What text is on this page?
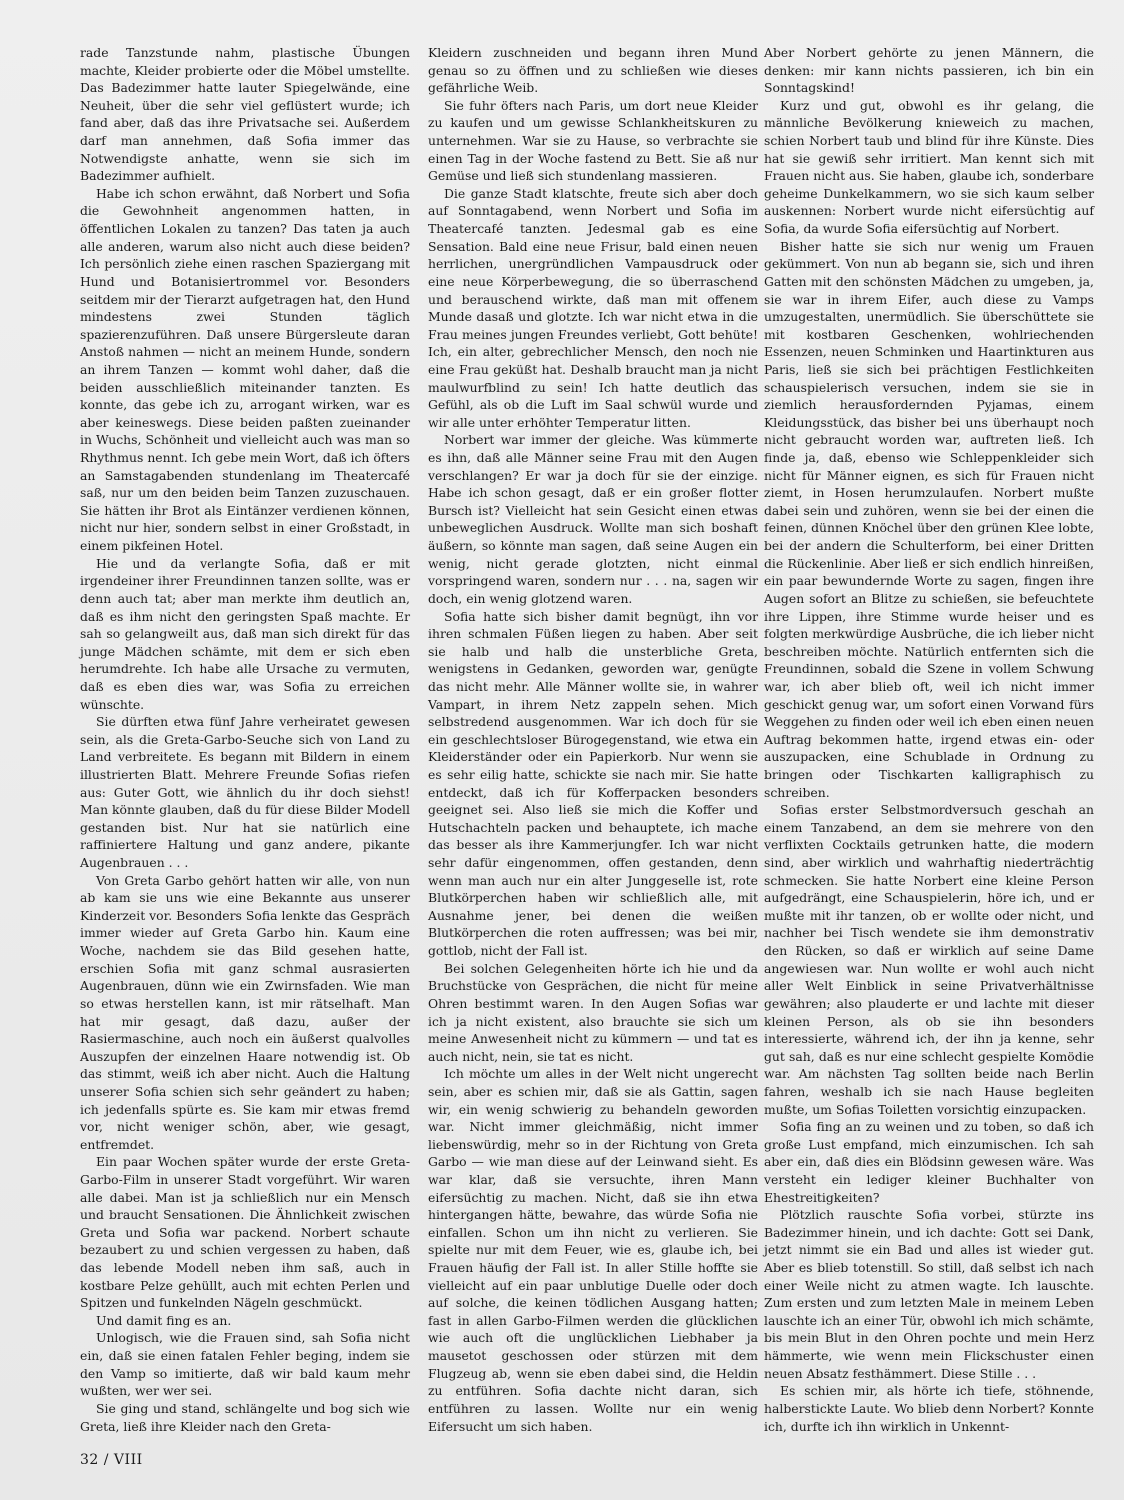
rade Tanzstunde nahm, plastische Übungen machte, Kleider probierte oder die Möbel umstellte. Das Badezimmer hatte lauter Spiegelwände, eine Neuheit, über die sehr viel geflüstert wurde; ich fand aber, daß das ihre Privatsache sei. Außerdem darf man annehmen, daß Sofia immer das Notwendigste anhatte, wenn sie sich im Badezimmer aufhielt.

Habe ich schon erwähnt, daß Norbert und Sofia die Gewohnheit angenommen hatten, in öffentlichen Lokalen zu tanzen? Das taten ja auch alle anderen, warum also nicht auch diese beiden? Ich persönlich ziehe einen raschen Spaziergang mit Hund und Botanisiertrommel vor. Besonders seitdem mir der Tierarzt aufgetragen hat, den Hund mindestens zwei Stunden täglich spazierenzuführen. Daß unsere Bürgersleute daran Anstoß nahmen — nicht an meinem Hunde, sondern an ihrem Tanzen — kommt wohl daher, daß die beiden ausschließlich miteinander tanzten. Es konnte, das gebe ich zu, arrogant wirken, war es aber keineswegs. Diese beiden paßten zueinander in Wuchs, Schönheit und vielleicht auch was man so Rhythmus nennt. Ich gebe mein Wort, daß ich öfters an Samstagabenden stundenlang im Theatercafé saß, nur um den beiden beim Tanzen zuzuschauen. Sie hätten ihr Brot als Eintänzer verdienen können, nicht nur hier, sondern selbst in einer Großstadt, in einem pikfeinen Hotel.

Hie und da verlangte Sofia, daß er mit irgendeiner ihrer Freundinnen tanzen sollte, was er denn auch tat; aber man merkte ihm deutlich an, daß es ihm nicht den geringsten Spaß machte. Er sah so gelangweilt aus, daß man sich direkt für das junge Mädchen schämte, mit dem er sich eben herumdrehte. Ich habe alle Ursache zu vermuten, daß es eben dies war, was Sofia zu erreichen wünschte.

Sie dürften etwa fünf Jahre verheiratet gewesen sein, als die Greta-Garbo-Seuche sich von Land zu Land verbreitete. Es begann mit Bildern in einem illustrierten Blatt. Mehrere Freunde Sofias riefen aus: Guter Gott, wie ähnlich du ihr doch siehst! Man könnte glauben, daß du für diese Bilder Modell gestanden bist. Nur hat sie natürlich eine raffiniertere Haltung und ganz andere, pikante Augenbrauen . . .

Von Greta Garbo gehört hatten wir alle, von nun ab kam sie uns wie eine Bekannte aus unserer Kinderzeit vor. Besonders Sofia lenkte das Gespräch immer wieder auf Greta Garbo hin. Kaum eine Woche, nachdem sie das Bild gesehen hatte, erschien Sofia mit ganz schmal ausrasierten Augenbrauen, dünn wie ein Zwirnsfaden. Wie man so etwas herstellen kann, ist mir rätselhaft. Man hat mir gesagt, daß dazu, außer der Rasiermaschine, auch noch ein äußerst qualvolles Auszupfen der einzelnen Haare notwendig ist. Ob das stimmt, weiß ich aber nicht. Auch die Haltung unserer Sofia schien sich sehr geändert zu haben; ich jedenfalls spürte es. Sie kam mir etwas fremd vor, nicht weniger schön, aber, wie gesagt, entfremdet.

Ein paar Wochen später wurde der erste Greta-Garbo-Film in unserer Stadt vorgeführt. Wir waren alle dabei. Man ist ja schließlich nur ein Mensch und braucht Sensationen. Die Ähnlichkeit zwischen Greta und Sofia war packend. Norbert schaute bezaubert zu und schien vergessen zu haben, daß das lebende Modell neben ihm saß, auch in kostbare Pelze gehüllt, auch mit echten Perlen und Spitzen und funkelnden Nägeln geschmückt.

Und damit fing es an.

Unlogisch, wie die Frauen sind, sah Sofia nicht ein, daß sie einen fatalen Fehler beging, indem sie den Vamp so imitierte, daß wir bald kaum mehr wußten, wer wer sei.

Sie ging und stand, schlängelte und bog sich wie Greta, ließ ihre Kleider nach den Greta-

Kleidern zuschneiden und begann ihren Mund genau so zu öffnen und zu schließen wie dieses gefährliche Weib.

Sie fuhr öfters nach Paris, um dort neue Kleider zu kaufen und um gewisse Schlankheitskuren zu unternehmen. War sie zu Hause, so verbrachte sie einen Tag in der Woche fastend zu Bett. Sie aß nur Gemüse und ließ sich stundenlang massieren.

Die ganze Stadt klatschte, freute sich aber doch auf Sonntagabend, wenn Norbert und Sofia im Theatercafé tanzten. Jedesmal gab es eine Sensation. Bald eine neue Frisur, bald einen neuen herrlichen, unergründlichen Vampausdruck oder eine neue Körperbewegung, die so überraschend und berauschend wirkte, daß man mit offenem Munde dasaß und glotzte. Ich war nicht etwa in die Frau meines jungen Freundes verliebt, Gott behüte! Ich, ein alter, gebrechlicher Mensch, den noch nie eine Frau geküßt hat. Deshalb braucht man ja nicht maulwurfblind zu sein! Ich hatte deutlich das Gefühl, als ob die Luft im Saal schwül wurde und wir alle unter erhöhter Temperatur litten.

Norbert war immer der gleiche. Was kümmerte es ihn, daß alle Männer seine Frau mit den Augen verschlangen? Er war ja doch für sie der einzige. Habe ich schon gesagt, daß er ein großer flotter Bursch ist? Vielleicht hat sein Gesicht einen etwas unbeweglichen Ausdruck. Wollte man sich boshaft äußern, so könnte man sagen, daß seine Augen ein wenig, nicht gerade glotzten, nicht einmal vorspringend waren, sondern nur . . . na, sagen wir doch, ein wenig glotzend waren.

Sofia hatte sich bisher damit begnügt, ihn vor ihren schmalen Füßen liegen zu haben. Aber seit sie halb und halb die unsterbliche Greta, wenigstens in Gedanken, geworden war, genügte das nicht mehr. Alle Männer wollte sie, in wahrer Vampart, in ihrem Netz zappeln sehen. Mich selbstredend ausgenommen. War ich doch für sie ein geschlechtsloser Bürogegenstand, wie etwa ein Kleiderständer oder ein Papierkorb. Nur wenn sie es sehr eilig hatte, schickte sie nach mir. Sie hatte entdeckt, daß ich für Kofferpacken besonders geeignet sei. Also ließ sie mich die Koffer und Hutschachteln packen und behauptete, ich mache das besser als ihre Kammerjungfer. Ich war nicht sehr dafür eingenommen, offen gestanden, denn wenn man auch nur ein alter Junggeselle ist, rote Blutkörperchen haben wir schließlich alle, mit Ausnahme jener, bei denen die weißen Blutkörperchen die roten auffressen; was bei mir, gottlob, nicht der Fall ist.

Bei solchen Gelegenheiten hörte ich hie und da Bruchstücke von Gesprächen, die nicht für meine Ohren bestimmt waren. In den Augen Sofias war ich ja nicht existent, also brauchte sie sich um meine Anwesenheit nicht zu kümmern — und tat es auch nicht, nein, sie tat es nicht.

Ich möchte um alles in der Welt nicht ungerecht sein, aber es schien mir, daß sie als Gattin, sagen wir, ein wenig schwierig zu behandeln geworden war. Nicht immer gleichmäßig, nicht immer liebenswürdig, mehr so in der Richtung von Greta Garbo — wie man diese auf der Leinwand sieht. Es war klar, daß sie versuchte, ihren Mann eifersüchtig zu machen. Nicht, daß sie ihn etwa hintergangen hätte, bewahre, das würde Sofia nie einfallen. Schon um ihn nicht zu verlieren. Sie spielte nur mit dem Feuer, wie es, glaube ich, bei Frauen häufig der Fall ist. In aller Stille hoffte sie vielleicht auf ein paar unblutige Duelle oder doch auf solche, die keinen tödlichen Ausgang hatten; fast in allen Garbo-Filmen werden die glücklichen wie auch oft die unglücklichen Liebhaber ja mausetot geschossen oder stürzen mit dem Flugzeug ab, wenn sie eben dabei sind, die Heldin zu entführen. Sofia dachte nicht daran, sich entführen zu lassen. Wollte nur ein wenig Eifersucht um sich haben.

Aber Norbert gehörte zu jenen Männern, die denken: mir kann nichts passieren, ich bin ein Sonntagskind!

Kurz und gut, obwohl es ihr gelang, die männliche Bevölkerung knieweich zu machen, schien Norbert taub und blind für ihre Künste. Dies hat sie gewiß sehr irritiert. Man kennt sich mit Frauen nicht aus. Sie haben, glaube ich, sonderbare geheime Dunkelkammern, wo sie sich kaum selber auskennen: Norbert wurde nicht eifersüchtig auf Sofia, da wurde Sofia eifersüchtig auf Norbert.

Bisher hatte sie sich nur wenig um Frauen gekümmert. Von nun ab begann sie, sich und ihren Gatten mit den schönsten Mädchen zu umgeben, ja, sie war in ihrem Eifer, auch diese zu Vamps umzugestalten, unermüdlich. Sie überschüttete sie mit kostbaren Geschenken, wohlriechenden Essenzen, neuen Schminken und Haartinkturen aus Paris, ließ sie sich bei prächtigen Festlichkeiten schauspielerisch versuchen, indem sie sie in ziemlich herausfordernden Pyjamas, einem Kleidungsstück, das bisher bei uns überhaupt noch nicht gebraucht worden war, auftreten ließ. Ich finde ja, daß, ebenso wie Schleppenkleider sich nicht für Männer eignen, es sich für Frauen nicht ziemt, in Hosen herumzulaufen. Norbert mußte dabei sein und zuhören, wenn sie bei der einen die feinen, dünnen Knöchel über den grünen Klee lobte, bei der andern die Schulterform, bei einer Dritten die Rückenlinie. Aber ließ er sich endlich hinreißen, ein paar bewundernde Worte zu sagen, fingen ihre Augen sofort an Blitze zu schießen, sie befeuchtete ihre Lippen, ihre Stimme wurde heiser und es folgten merkwürdige Ausbrüche, die ich lieber nicht beschreiben möchte. Natürlich entfernten sich die Freundinnen, sobald die Szene in vollem Schwung war, ich aber blieb oft, weil ich nicht immer geschickt genug war, um sofort einen Vorwand fürs Weggehen zu finden oder weil ich eben einen neuen Auftrag bekommen hatte, irgend etwas ein- oder auszupacken, eine Schublade in Ordnung zu bringen oder Tischkarten kalligraphisch zu schreiben.

Sofias erster Selbstmordversuch geschah an einem Tanzabend, an dem sie mehrere von den verflixten Cocktails getrunken hatte, die modern sind, aber wirklich und wahrhaftig niederträchtig schmecken. Sie hatte Norbert eine kleine Person aufgedrängt, eine Schauspielerin, höre ich, und er mußte mit ihr tanzen, ob er wollte oder nicht, und nachher bei Tisch wendete sie ihm demonstrativ den Rücken, so daß er wirklich auf seine Dame angewiesen war. Nun wollte er wohl auch nicht aller Welt Einblick in seine Privatverhältnisse gewähren; also plauderte er und lachte mit dieser kleinen Person, als ob sie ihn besonders interessierte, während ich, der ihn ja kenne, sehr gut sah, daß es nur eine schlecht gespielte Komödie war. Am nächsten Tag sollten beide nach Berlin fahren, weshalb ich sie nach Hause begleiten mußte, um Sofias Toiletten vorsichtig einzupacken.

Sofia fing an zu weinen und zu toben, so daß ich große Lust empfand, mich einzumischen. Ich sah aber ein, daß dies ein Blödsinn gewesen wäre. Was versteht ein lediger kleiner Buchhalter von Ehestreitigkeiten?

Plötzlich rauschte Sofia vorbei, stürzte ins Badezimmer hinein, und ich dachte: Gott sei Dank, jetzt nimmt sie ein Bad und alles ist wieder gut. Aber es blieb totenstill. So still, daß selbst ich nach einer Weile nicht zu atmen wagte. Ich lauschte. Zum ersten und zum letzten Male in meinem Leben lauschte ich an einer Tür, obwohl ich mich schämte, bis mein Blut in den Ohren pochte und mein Herz hämmerte, wie wenn mein Flickschuster einen neuen Absatz festhämmert. Diese Stille . . .

Es schien mir, als hörte ich tiefe, stöhnende, halberstickte Laute. Wo blieb denn Norbert? Konnte ich, durfte ich ihn wirklich in Unkennt-

32 / VIII
